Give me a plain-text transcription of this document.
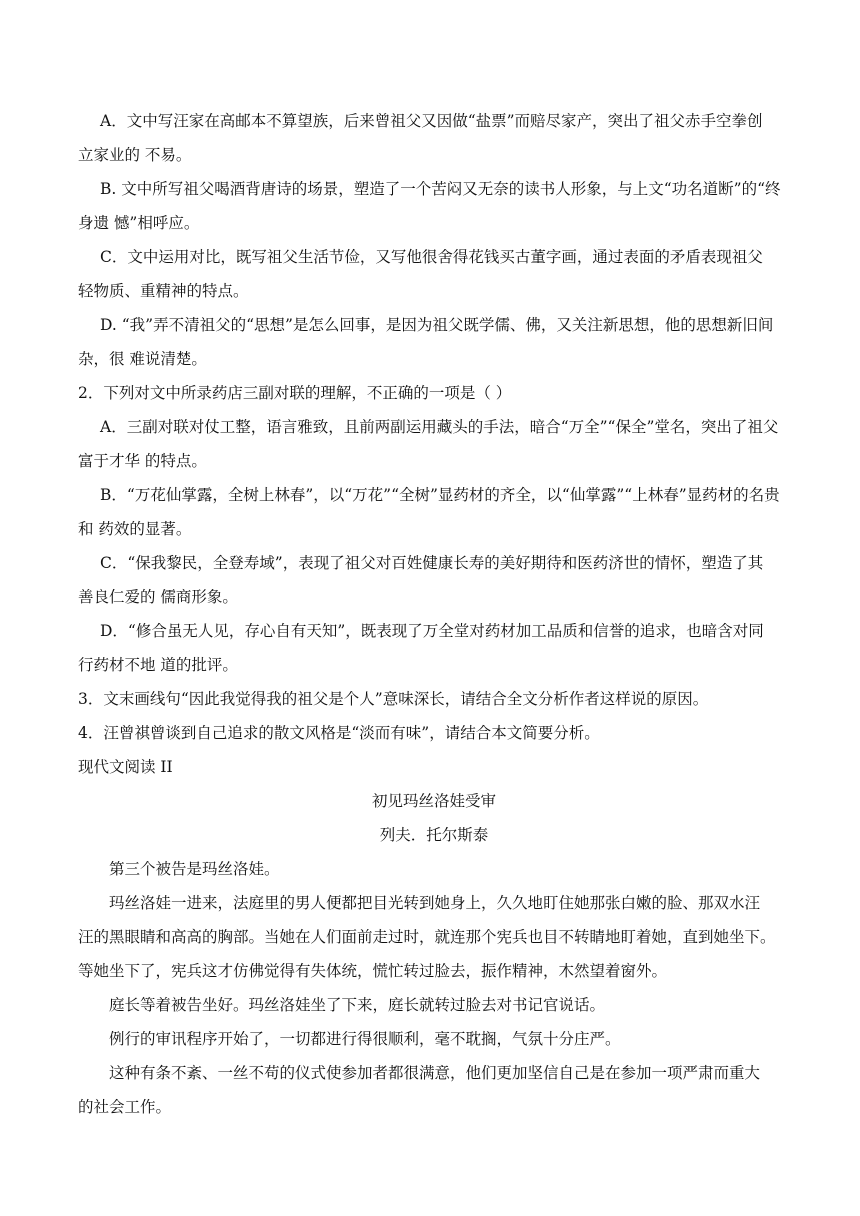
A．文中写汪家在高邮本不算望族，后来曾祖父又因做“盐票”而赔尽家产，突出了祖父赤手空拳创

立家业的 不易。

B. 文中所写祖父喝酒背唐诗的场景，塑造了一个苦闷又无奈的读书人形象，与上文“功名道断”的“终

身遗 憾”相呼应。

C．文中运用对比，既写祖父生活节俭，又写他很舍得花钱买古董字画，通过表面的矛盾表现祖父

轻物质、重精神的特点。

D. “我”弄不清祖父的“思想”是怎么回事，是因为祖父既学儒、佛，又关注新思想，他的思想新旧间

杂，很 难说清楚。

2．下列对文中所录药店三副对联的理解，不正确的一项是（ ）

A．三副对联对仗工整，语言雅致，且前两副运用藏头的手法，暗合“万全”“保全”堂名，突出了祖父

富于才华 的特点。

B．“万花仙掌露，全树上林春”，以“万花”“全树”显药材的齐全，以“仙掌露”“上林春”显药材的名贵

和 药效的显著。

C．“保我黎民，全登寿域”，表现了祖父对百姓健康长寿的美好期待和医药济世的情怀，塑造了其

善良仁爱的 儒商形象。

D．“修合虽无人见，存心自有天知”，既表现了万全堂对药材加工品质和信誉的追求，也暗含对同

行药材不地 道的批评。

3．文末画线句“因此我觉得我的祖父是个人”意味深长，请结合全文分析作者这样说的原因。

4．汪曾祺曾谈到自己追求的散文风格是“淡而有味”，请结合本文简要分析。

现代文阅读 II

初见玛丝洛娃受审

列夫．托尔斯泰

第三个被告是玛丝洛娃。

玛丝洛娃一进来，法庭里的男人便都把目光转到她身上，久久地盯住她那张白嫩的脸、那双水汪

汪的黑眼睛和高高的胸部。当她在人们面前走过时，就连那个宪兵也目不转睛地盯着她，直到她坐下。

等她坐下了，宪兵这才仿佛觉得有失体统，慌忙转过脸去，振作精神，木然望着窗外。

庭长等着被告坐好。玛丝洛娃坐了下来，庭长就转过脸去对书记官说话。

例行的审讯程序开始了，一切都进行得很顺利，毫不耽搁，气氛十分庄严。

这种有条不紊、一丝不苟的仪式使参加者都很满意，他们更加坚信自己是在参加一项严肃而重大

的社会工作。
